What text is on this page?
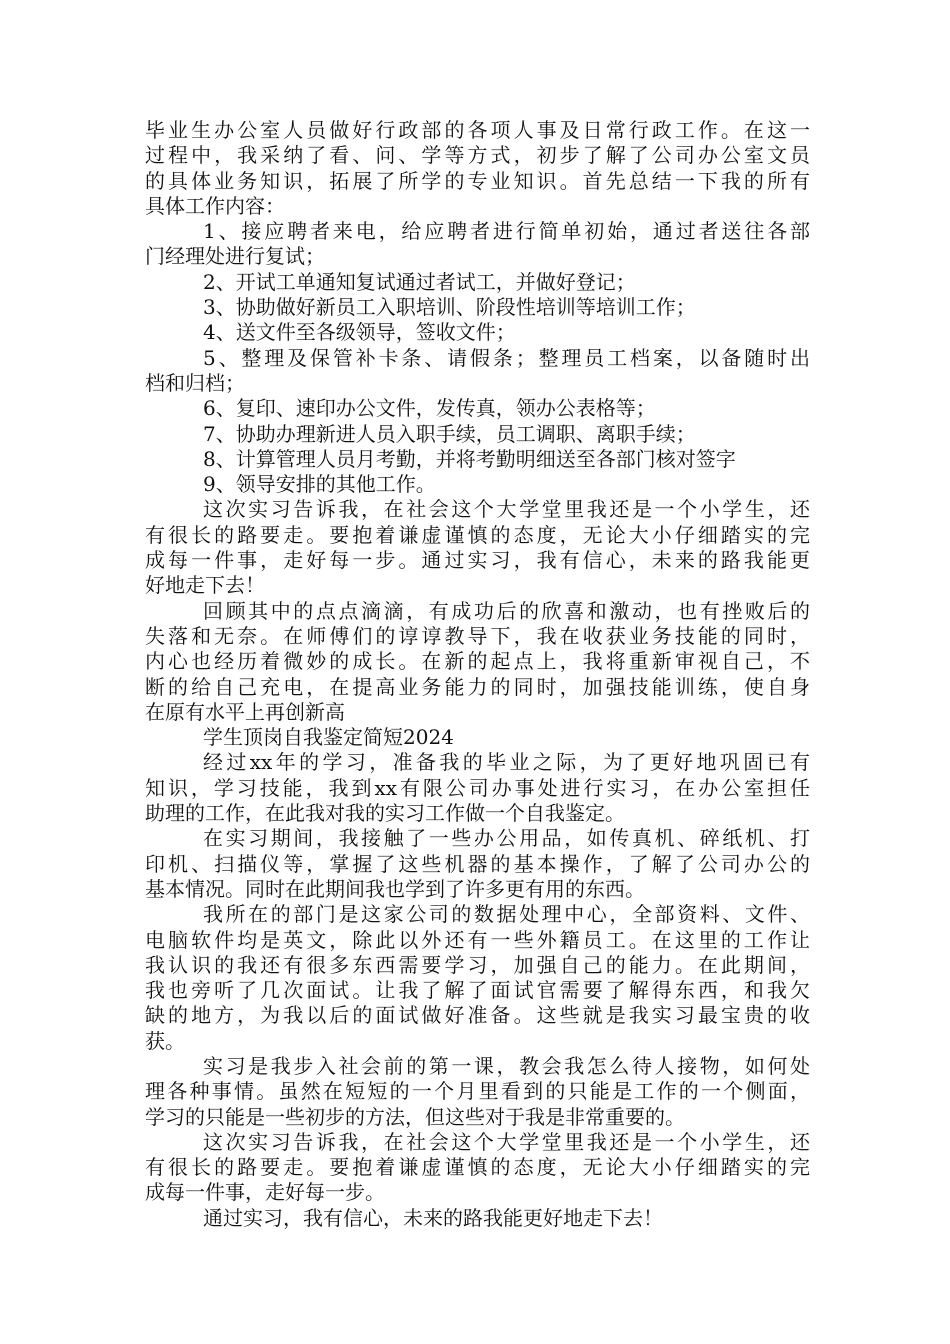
毕业生办公室人员做好行政部的各项人事及日常行政工作。在这一
过程中，我采纳了看、问、学等方式，初步了解了公司办公室文员
的具体业务知识，拓展了所学的专业知识。首先总结一下我的所有
具体工作内容：
1、接应聘者来电，给应聘者进行简单初始，通过者送往各部
门经理处进行复试；
2、开试工单通知复试通过者试工，并做好登记；
3、协助做好新员工入职培训、阶段性培训等培训工作；
4、送文件至各级领导，签收文件；
5、整理及保管补卡条、请假条；整理员工档案，以备随时出
档和归档；
6、复印、速印办公文件，发传真，领办公表格等；
7、协助办理新进人员入职手续，员工调职、离职手续；
8、计算管理人员月考勤，并将考勤明细送至各部门核对签字
9、领导安排的其他工作。
这次实习告诉我，在社会这个大学堂里我还是一个小学生，还
有很长的路要走。要抱着谦虚谨慎的态度，无论大小仔细踏实的完
成每一件事，走好每一步。通过实习，我有信心，未来的路我能更
好地走下去！
回顾其中的点点滴滴，有成功后的欣喜和激动，也有挫败后的
失落和无奈。在师傅们的谆谆教导下，我在收获业务技能的同时，
内心也经历着微妙的成长。在新的起点上，我将重新审视自己，不
断的给自己充电，在提高业务能力的同时，加强技能训练，使自身
在原有水平上再创新高
学生顶岗自我鉴定简短2024
经过xx年的学习，准备我的毕业之际，为了更好地巩固已有
知识，学习技能，我到xx有限公司办事处进行实习，在办公室担任
助理的工作，在此我对我的实习工作做一个自我鉴定。
在实习期间，我接触了一些办公用品，如传真机、碎纸机、打
印机、扫描仪等，掌握了这些机器的基本操作，了解了公司办公的
基本情况。同时在此期间我也学到了许多更有用的东西。
我所在的部门是这家公司的数据处理中心，全部资料、文件、
电脑软件均是英文，除此以外还有一些外籍员工。在这里的工作让
我认识的我还有很多东西需要学习，加强自己的能力。在此期间，
我也旁听了几次面试。让我了解了面试官需要了解得东西，和我欠
缺的地方，为我以后的面试做好准备。这些就是我实习最宝贵的收
获。
实习是我步入社会前的第一课，教会我怎么待人接物，如何处
理各种事情。虽然在短短的一个月里看到的只能是工作的一个侧面，
学习的只能是一些初步的方法，但这些对于我是非常重要的。
这次实习告诉我，在社会这个大学堂里我还是一个小学生，还
有很长的路要走。要抱着谦虚谨慎的态度，无论大小仔细踏实的完
成每一件事，走好每一步。
通过实习，我有信心，未来的路我能更好地走下去！
